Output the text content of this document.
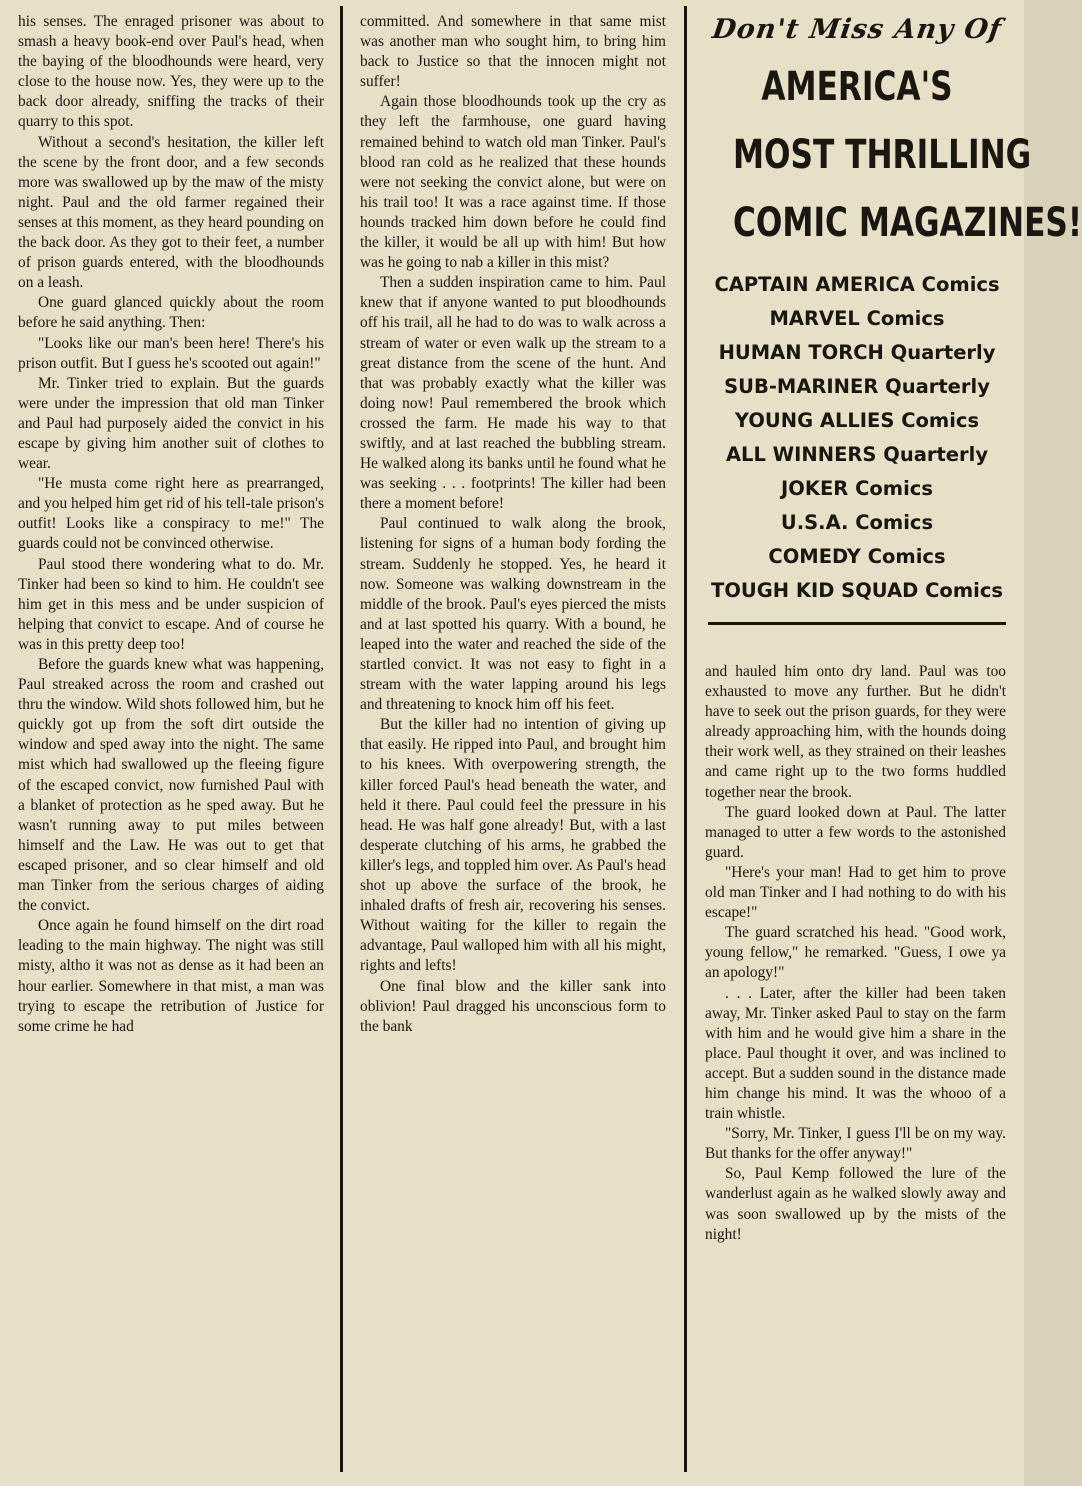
his senses. The enraged prisoner was about to smash a heavy book-end over Paul's head, when the baying of the bloodhounds were heard, very close to the house now. Yes, they were up to the back door already, sniffing the tracks of their quarry to this spot.

Without a second's hesitation, the killer left the scene by the front door, and a few seconds more was swallowed up by the maw of the misty night. Paul and the old farmer regained their senses at this moment, as they heard pounding on the back door. As they got to their feet, a number of prison guards entered, with the bloodhounds on a leash.

One guard glanced quickly about the room before he said anything. Then:

"Looks like our man's been here! There's his prison outfit. But I guess he's scooted out again!"

Mr. Tinker tried to explain. But the guards were under the impression that old man Tinker and Paul had purposely aided the convict in his escape by giving him another suit of clothes to wear.

"He musta come right here as prearranged, and you helped him get rid of his tell-tale prison's outfit! Looks like a conspiracy to me!" The guards could not be convinced otherwise.

Paul stood there wondering what to do. Mr. Tinker had been so kind to him. He couldn't see him get in this mess and be under suspicion of helping that convict to escape. And of course he was in this pretty deep too!

Before the guards knew what was happening, Paul streaked across the room and crashed out thru the window. Wild shots followed him, but he quickly got up from the soft dirt outside the window and sped away into the night. The same mist which had swallowed up the fleeing figure of the escaped convict, now furnished Paul with a blanket of protection as he sped away. But he wasn't running away to put miles between himself and the Law. He was out to get that escaped prisoner, and so clear himself and old man Tinker from the serious charges of aiding the convict.

Once again he found himself on the dirt road leading to the main highway. The night was still misty, altho it was not as dense as it had been an hour earlier. Somewhere in that mist, a man was trying to escape the retribution of Justice for some crime he had

committed. And somewhere in that same mist was another man who sought him, to bring him back to Justice so that the innocen might not suffer!

Again those bloodhounds took up the cry as they left the farmhouse, one guard having remained behind to watch old man Tinker. Paul's blood ran cold as he realized that these hounds were not seeking the convict alone, but were on his trail too! It was a race against time. If those hounds tracked him down before he could find the killer, it would be all up with him! But how was he going to nab a killer in this mist?

Then a sudden inspiration came to him. Paul knew that if anyone wanted to put bloodhounds off his trail, all he had to do was to walk across a stream of water or even walk up the stream to a great distance from the scene of the hunt. And that was probably exactly what the killer was doing now! Paul remembered the brook which crossed the farm. He made his way to that swiftly, and at last reached the bubbling stream. He walked along its banks until he found what he was seeking . . . footprints! The killer had been there a moment before!

Paul continued to walk along the brook, listening for signs of a human body fording the stream. Suddenly he stopped. Yes, he heard it now. Someone was walking downstream in the middle of the brook. Paul's eyes pierced the mists and at last spotted his quarry. With a bound, he leaped into the water and reached the side of the startled convict. It was not easy to fight in a stream with the water lapping around his legs and threatening to knock him off his feet.

But the killer had no intention of giving up that easily. He ripped into Paul, and brought him to his knees. With overpowering strength, the killer forced Paul's head beneath the water, and held it there. Paul could feel the pressure in his head. He was half gone already! But, with a last desperate clutching of his arms, he grabbed the killer's legs, and toppled him over. As Paul's head shot up above the surface of the brook, he inhaled drafts of fresh air, recovering his senses. Without waiting for the killer to regain the advantage, Paul walloped him with all his might, rights and lefts!

One final blow and the killer sank into oblivion! Paul dragged his unconscious form to the bank

Don't Miss Any Of
AMERICA'S
MOST THRILLING
COMIC MAGAZINES!
CAPTAIN AMERICA Comics
MARVEL Comics
HUMAN TORCH Quarterly
SUB-MARINER Quarterly
YOUNG ALLIES Comics
ALL WINNERS Quarterly
JOKER Comics
U.S.A. Comics
COMEDY Comics
TOUGH KID SQUAD Comics

and hauled him onto dry land. Paul was too exhausted to move any further. But he didn't have to seek out the prison guards, for they were already approaching him, with the hounds doing their work well, as they strained on their leashes and came right up to the two forms huddled together near the brook.

The guard looked down at Paul. The latter managed to utter a few words to the astonished guard.

"Here's your man! Had to get him to prove old man Tinker and I had nothing to do with his escape!"

The guard scratched his head. "Good work, young fellow," he remarked. "Guess, I owe ya an apology!"

. . . Later, after the killer had been taken away, Mr. Tinker asked Paul to stay on the farm with him and he would give him a share in the place. Paul thought it over, and was inclined to accept. But a sudden sound in the distance made him change his mind. It was the whooo of a train whistle.

"Sorry, Mr. Tinker, I guess I'll be on my way. But thanks for the offer anyway!"

So, Paul Kemp followed the lure of the wanderlust again as he walked slowly away and was soon swallowed up by the mists of the night!
